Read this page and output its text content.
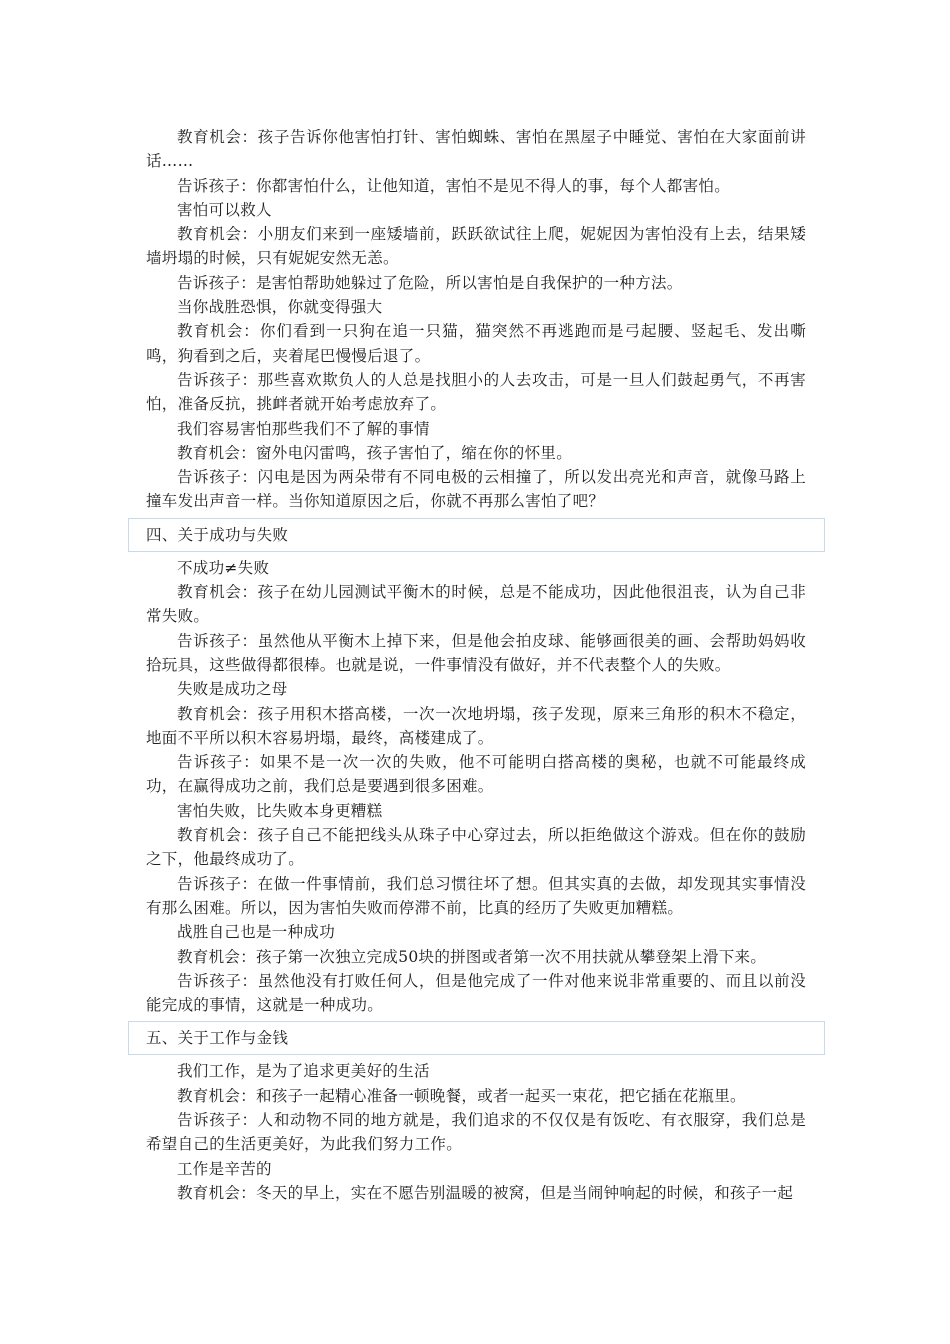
教育机会：孩子告诉你他害怕打针、害怕蜘蛛、害怕在黑屋子中睡觉、害怕在大家面前讲话……

告诉孩子：你都害怕什么，让他知道，害怕不是见不得人的事，每个人都害怕。

害怕可以救人

教育机会：小朋友们来到一座矮墙前，跃跃欲试往上爬，妮妮因为害怕没有上去，结果矮墙坍塌的时候，只有妮妮安然无恙。

告诉孩子：是害怕帮助她躲过了危险，所以害怕是自我保护的一种方法。

当你战胜恐惧，你就变得强大

教育机会：你们看到一只狗在追一只猫，猫突然不再逃跑而是弓起腰、竖起毛、发出嘶鸣，狗看到之后，夹着尾巴慢慢后退了。

告诉孩子：那些喜欢欺负人的人总是找胆小的人去攻击，可是一旦人们鼓起勇气，不再害怕，准备反抗，挑衅者就开始考虑放弃了。

我们容易害怕那些我们不了解的事情

教育机会：窗外电闪雷鸣，孩子害怕了，缩在你的怀里。

告诉孩子：闪电是因为两朵带有不同电极的云相撞了，所以发出亮光和声音，就像马路上撞车发出声音一样。当你知道原因之后，你就不再那么害怕了吧？

四、关于成功与失败

不成功≠失败

教育机会：孩子在幼儿园测试平衡木的时候，总是不能成功，因此他很沮丧，认为自己非常失败。

告诉孩子：虽然他从平衡木上掉下来，但是他会拍皮球、能够画很美的画、会帮助妈妈收拾玩具，这些做得都很棒。也就是说，一件事情没有做好，并不代表整个人的失败。

失败是成功之母

教育机会：孩子用积木搭高楼，一次一次地坍塌，孩子发现，原来三角形的积木不稳定，地面不平所以积木容易坍塌，最终，高楼建成了。

告诉孩子：如果不是一次一次的失败，他不可能明白搭高楼的奥秘，也就不可能最终成功，在赢得成功之前，我们总是要遇到很多困难。

害怕失败，比失败本身更糟糕

教育机会：孩子自己不能把线头从珠子中心穿过去，所以拒绝做这个游戏。但在你的鼓励之下，他最终成功了。

告诉孩子：在做一件事情前，我们总习惯往坏了想。但其实真的去做，却发现其实事情没有那么困难。所以，因为害怕失败而停滞不前，比真的经历了失败更加糟糕。

战胜自己也是一种成功

教育机会：孩子第一次独立完成50块的拼图或者第一次不用扶就从攀登架上滑下来。

告诉孩子：虽然他没有打败任何人，但是他完成了一件对他来说非常重要的、而且以前没能完成的事情，这就是一种成功。

五、关于工作与金钱

我们工作，是为了追求更美好的生活

教育机会：和孩子一起精心准备一顿晚餐，或者一起买一束花，把它插在花瓶里。

告诉孩子：人和动物不同的地方就是，我们追求的不仅仅是有饭吃、有衣服穿，我们总是希望自己的生活更美好，为此我们努力工作。

工作是辛苦的

教育机会：冬天的早上，实在不愿告别温暖的被窝，但是当闹钟响起的时候，和孩子一起
